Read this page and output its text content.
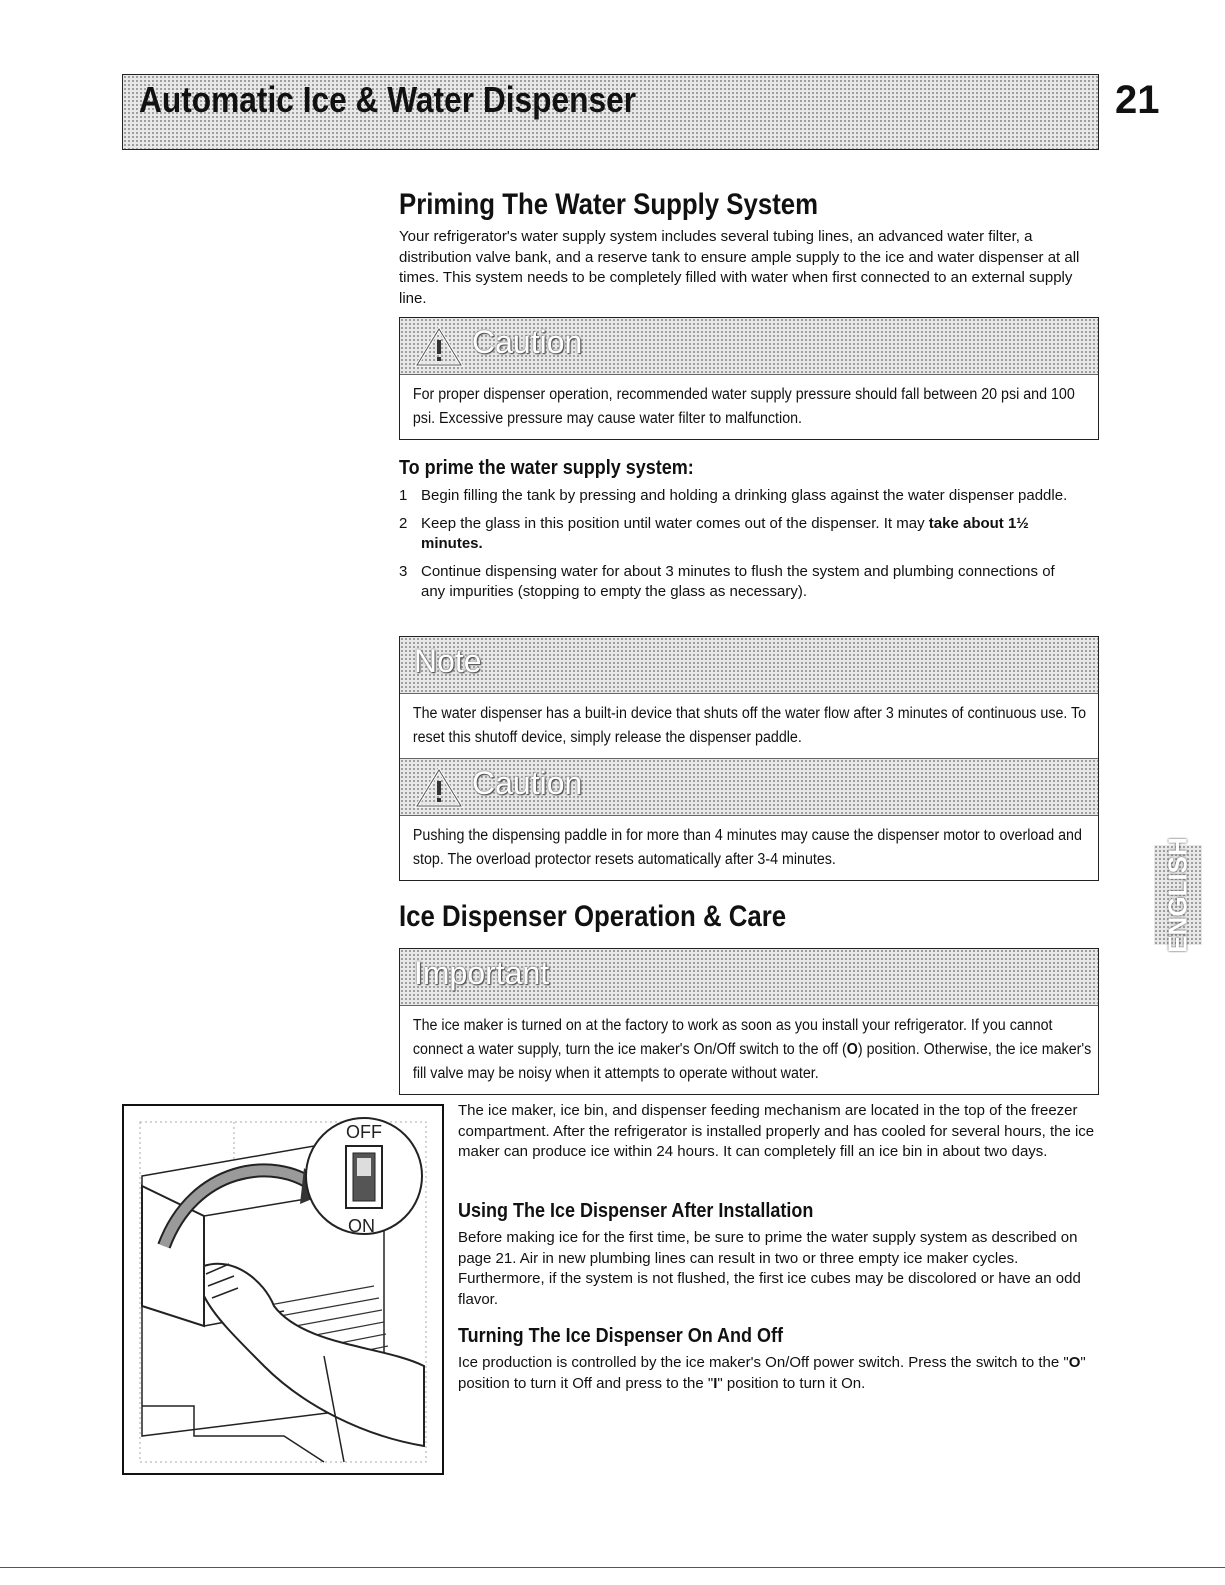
Automatic Ice & Water Dispenser	21
Priming The Water Supply System
Your refrigerator's water supply system includes several tubing lines, an advanced water filter, a distribution valve bank, and a reserve tank to ensure ample supply to the ice and water dispenser at all times. This system needs to be completely filled with water when first connected to an external supply line.
Caution
For proper dispenser operation, recommended water supply pressure should fall between 20 psi and 100 psi. Excessive pressure may cause water filter to malfunction.
To prime the water supply system:
1 Begin filling the tank by pressing and holding a drinking glass against the water dispenser paddle.
2 Keep the glass in this position until water comes out of the dispenser. It may take about 1½ minutes.
3 Continue dispensing water for about 3 minutes to flush the system and plumbing connections of any impurities (stopping to empty the glass as necessary).
Note
The water dispenser has a built-in device that shuts off the water flow after 3 minutes of continuous use. To reset this shutoff device, simply release the dispenser paddle.
Caution
Pushing the dispensing paddle in for more than 4 minutes may cause the dispenser motor to overload and stop. The overload protector resets automatically after 3-4 minutes.
Ice Dispenser Operation & Care
Important
The ice maker is turned on at the factory to work as soon as you install your refrigerator. If you cannot connect a water supply, turn the ice maker's On/Off switch to the off (O) position. Otherwise, the ice maker's fill valve may be noisy when it attempts to operate without water.
The ice maker, ice bin, and dispenser feeding mechanism are located in the top of the freezer compartment. After the refrigerator is installed properly and has cooled for several hours, the ice maker can produce ice within 24 hours. It can completely fill an ice bin in about two days.
Using The Ice Dispenser After Installation
Before making ice for the first time, be sure to prime the water supply system as described on page 21. Air in new plumbing lines can result in two or three empty ice maker cycles. Furthermore, if the system is not flushed, the first ice cubes may be discolored or have an odd flavor.
Turning The Ice Dispenser On And Off
Ice production is controlled by the ice maker's On/Off power switch. Press the switch to the "O" position to turn it Off and press to the "I" position to turn it On.
OFF
ON
ENGLISH
